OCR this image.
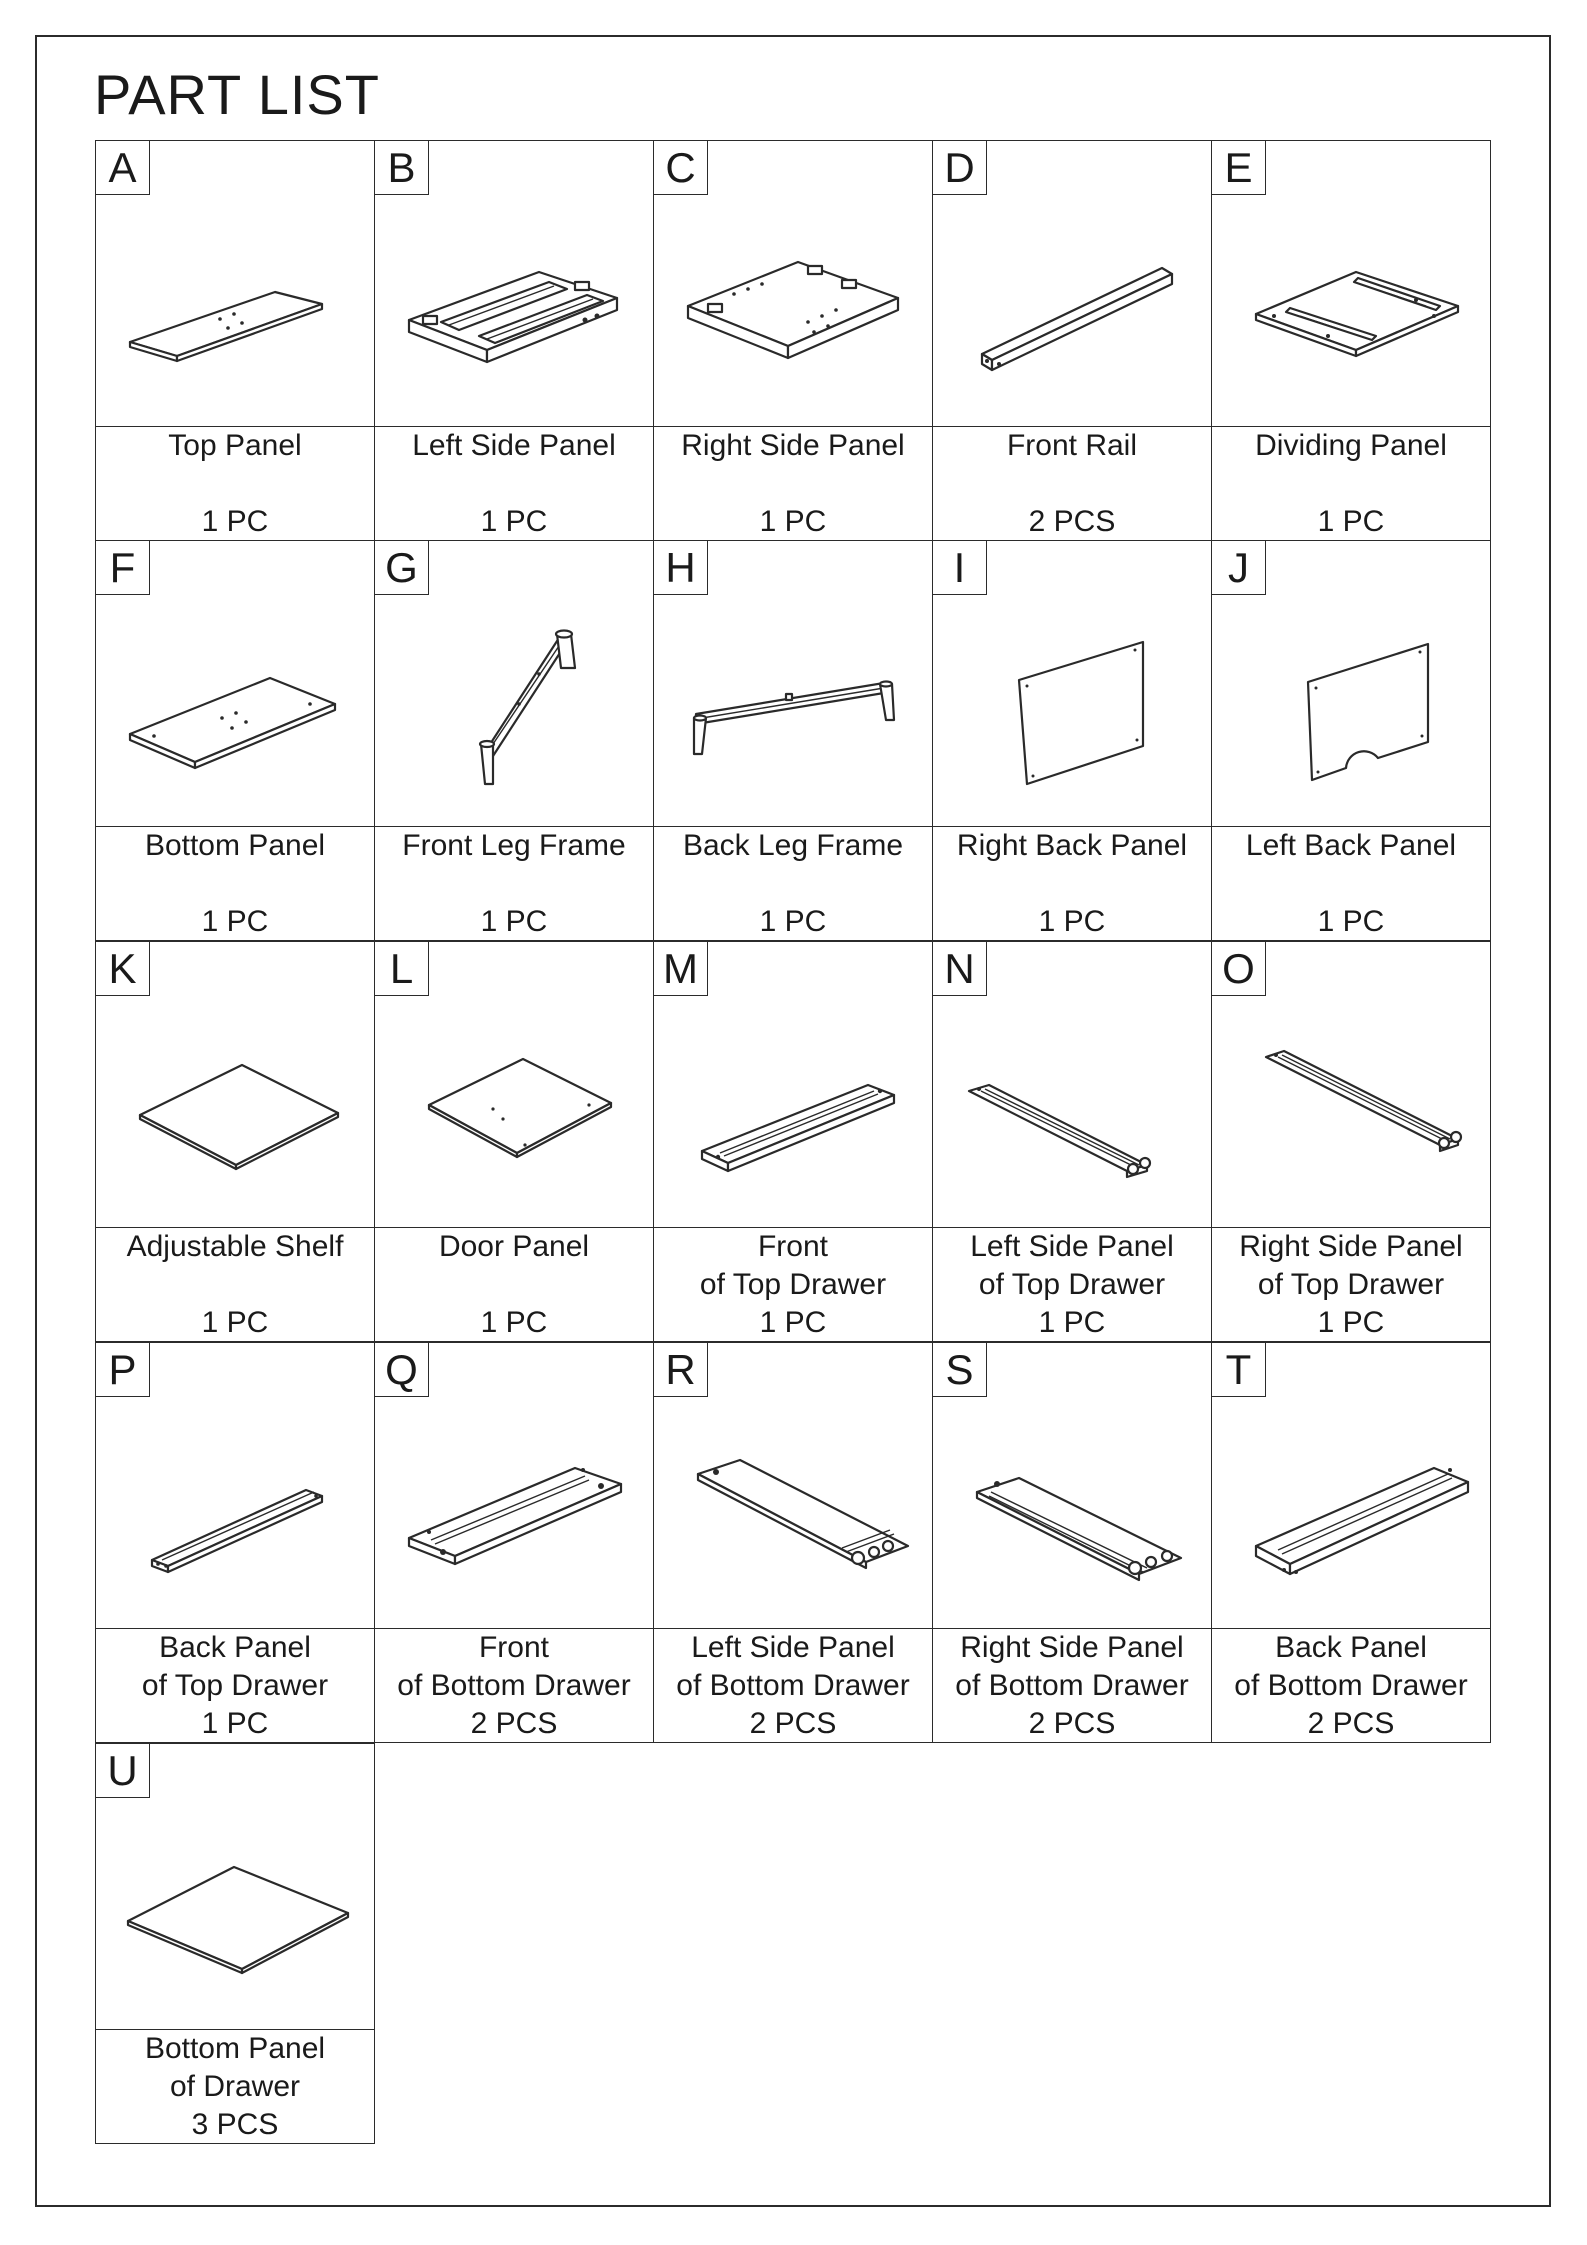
PART LIST
A
Top Panel
1 PC
B
Left Side Panel
1 PC
C
Right Side Panel
1 PC
D
Front Rail
2 PCS
E
Dividing Panel
1 PC
F
Bottom Panel
1 PC
G
Front Leg Frame
1 PC
H
Back Leg Frame
1 PC
I
Right Back Panel
1 PC
J
Left Back Panel
1 PC
K
Adjustable Shelf
1 PC
L
Door Panel
1 PC
M
Front
of Top Drawer
1 PC
N
Left Side Panel
of Top Drawer
1 PC
O
Right Side Panel
of Top Drawer
1 PC
P
Back Panel
of Top Drawer
1 PC
Q
Front
of Bottom Drawer
2 PCS
R
Left Side Panel
of Bottom Drawer
2 PCS
S
Right Side Panel
of Bottom Drawer
2 PCS
T
Back Panel
of Bottom Drawer
2 PCS
U
Bottom Panel
of Drawer
3 PCS
